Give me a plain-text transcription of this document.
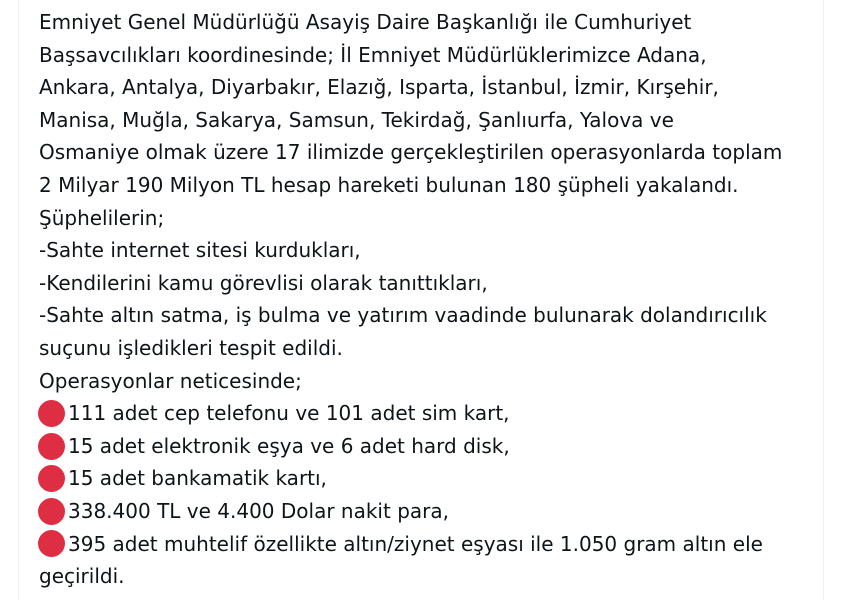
Emniyet Genel Müdürlüğü Asayiş Daire Başkanlığı ile Cumhuriyet
Başsavcılıkları koordinesinde; İl Emniyet Müdürlüklerimizce Adana,
Ankara, Antalya, Diyarbakır, Elazığ, Isparta, İstanbul, İzmir, Kırşehir,
Manisa, Muğla, Sakarya, Samsun, Tekirdağ, Şanlıurfa, Yalova ve
Osmaniye olmak üzere 17 ilimizde gerçekleştirilen operasyonlarda toplam
2 Milyar 190 Milyon TL hesap hareketi bulunan 180 şüpheli yakalandı.
Şüphelilerin;
-Sahte internet sitesi kurdukları,
-Kendilerini kamu görevlisi olarak tanıttıkları,
-Sahte altın satma, iş bulma ve yatırım vaadinde bulunarak dolandırıcılık
suçunu işledikleri tespit edildi.
Operasyonlar neticesinde;
111 adet cep telefonu ve 101 adet sim kart,
15 adet elektronik eşya ve 6 adet hard disk,
15 adet bankamatik kartı,
338.400 TL ve 4.400 Dolar nakit para,
395 adet muhtelif özellikte altın/ziynet eşyası ile 1.050 gram altın ele
geçirildi.
